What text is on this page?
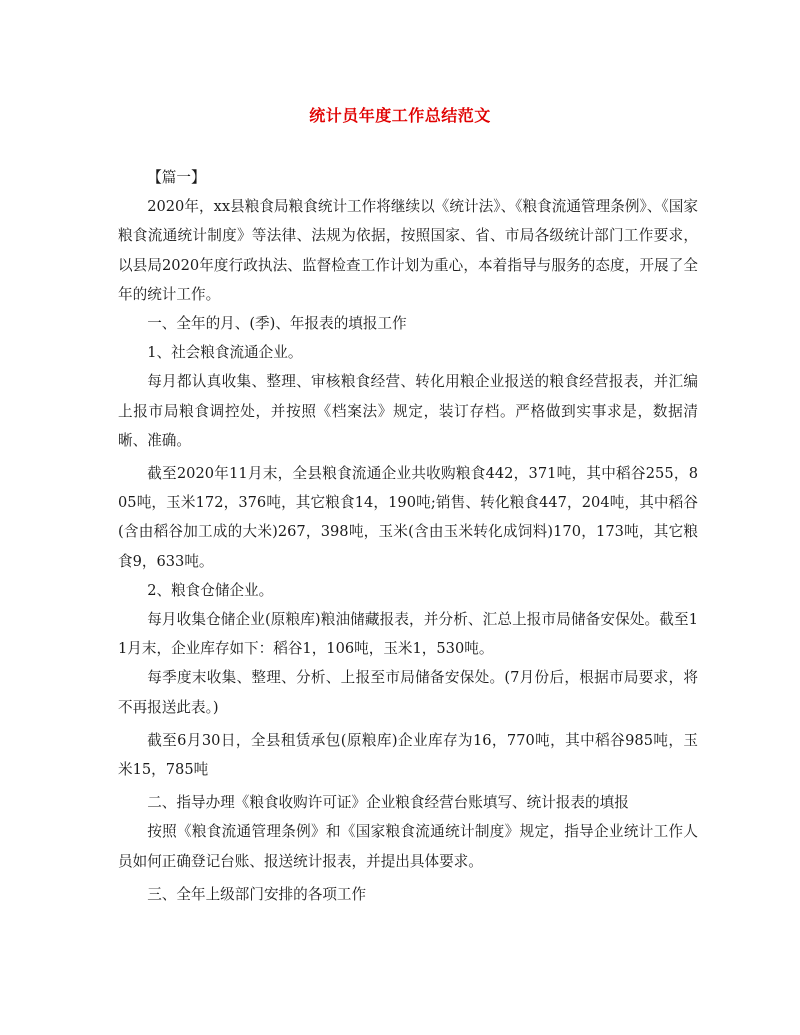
统计员年度工作总结范文

【篇一】

2020年，xx县粮食局粮食统计工作将继续以《统计法》、《粮食流通管理条例》、《国家粮食流通统计制度》等法律、法规为依据，按照国家、省、市局各级统计部门工作要求，以县局2020年度行政执法、监督检查工作计划为重心，本着指导与服务的态度，开展了全年的统计工作。

一、全年的月、(季)、年报表的填报工作

1、社会粮食流通企业。

每月都认真收集、整理、审核粮食经营、转化用粮企业报送的粮食经营报表，并汇编上报市局粮食调控处，并按照《档案法》规定，装订存档。严格做到实事求是，数据清晰、准确。

截至2020年11月末，全县粮食流通企业共收购粮食442，371吨，其中稻谷255，805吨，玉米172，376吨，其它粮食14，190吨;销售、转化粮食447，204吨，其中稻谷(含由稻谷加工成的大米)267，398吨，玉米(含由玉米转化成饲料)170，173吨，其它粮食9，633吨。

2、粮食仓储企业。

每月收集仓储企业(原粮库)粮油储藏报表，并分析、汇总上报市局储备安保处。截至11月末，企业库存如下：稻谷1，106吨，玉米1，530吨。

每季度末收集、整理、分析、上报至市局储备安保处。(7月份后，根据市局要求，将不再报送此表。)

截至6月30日，全县租赁承包(原粮库)企业库存为16，770吨，其中稻谷985吨，玉米15，785吨

二、指导办理《粮食收购许可证》企业粮食经营台账填写、统计报表的填报

按照《粮食流通管理条例》和《国家粮食流通统计制度》规定，指导企业统计工作人员如何正确登记台账、报送统计报表，并提出具体要求。

三、全年上级部门安排的各项工作
